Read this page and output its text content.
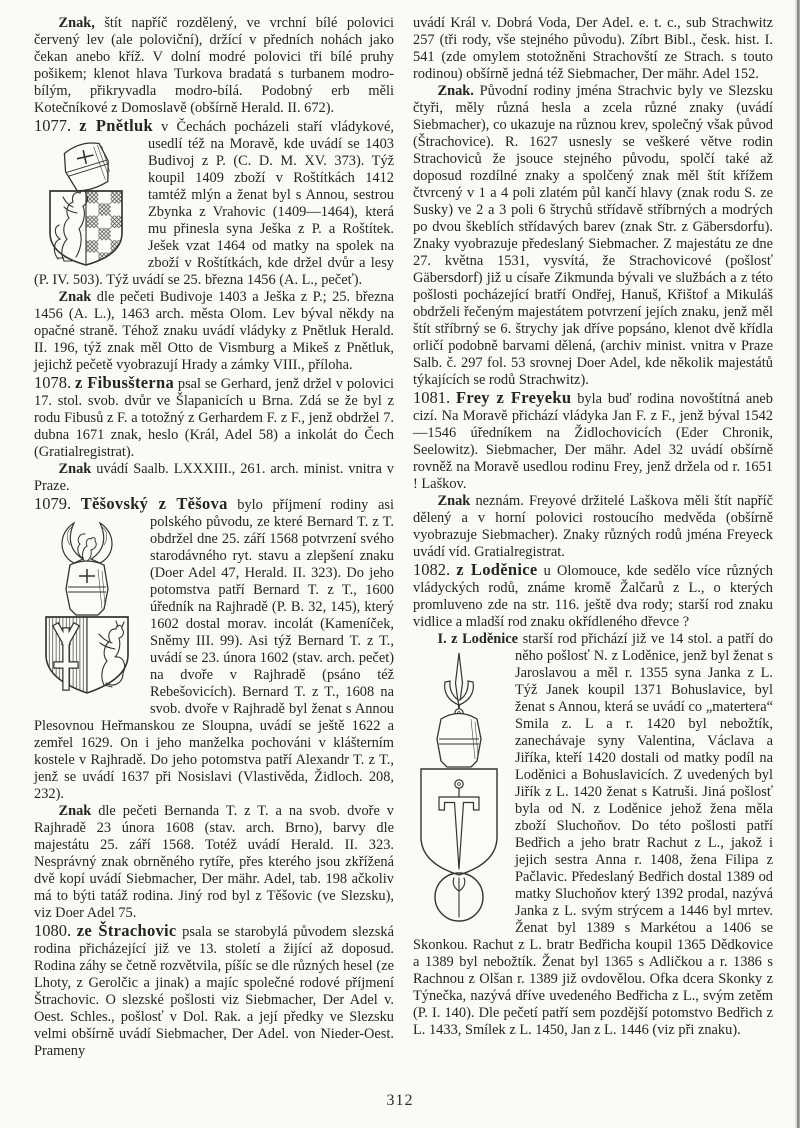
Znak, štít napříč rozdělený, ve vrchní bílé polovici červený lev (ale poloviční), držící v předních nohách jako čekan anebo kříž. V dolní modré polovici tři bílé pruhy pošikem; klenot hlava Turkova bradatá s turbanem modro-bílým, přikryvadla modro-bílá. Podobný erb měli Kotečníkové z Domoslavě (obšírně Herald. II. 672).

1077. z Pnětluk v Čechách pocházeli staří vládykové,
usedlí též na Moravě, kde uvádí se 1403 Budivoj z P. (C. D. M. XV. 373). Týž koupil 1409 zboží v Roštítkách 1412 tamtéž mlýn a ženat byl s Annou, sestrou Zbynka z Vrahovic (1409—1464), která mu přinesla syna Ješka z P. a Roštítek. Ješek vzat 1464 od matky na spolek na zboží v Roštítkách, kde držel dvůr a lesy (P. IV. 503). Týž uvádí se 25. března 1456 (A. L., pečeť).

Znak dle pečeti Budivoje 1403 a Ješka z P.; 25. března 1456 (A. L.), 1463 arch. města Olom. Lev býval někdy na opačné straně. Téhož znaku uvádí vládyky z Pnětluk Herald. II. 196, týž znak měl Otto de Vismburg a Mikeš z Pnětluk, jejichž pečetě vyobrazují Hrady a zámky VIII., příloha.

1078. z Fibusšterna psal se Gerhard, jenž držel v polovici 17. stol. svob. dvůr ve Šlapanicích u Brna. Zdá se že byl z rodu Fibusů z F. a totožný z Gerhardem F. z F., jenž obdržel 7. dubna 1671 znak, heslo (Král, Adel 58) a inkolát do Čech (Gratialregistrat).

Znak uvádí Saalb. LXXXIII., 261. arch. minist. vnitra v Praze.

1079. Těšovský z Těšova bylo příjmení rodiny asi polského původu, ze které Bernard T. z T. obdržel dne 25. září 1568 potvrzení svého starodávného ryt. stavu a zlepšení znaku (Doer Adel 47, Herald. II. 323). Do jeho potomstva patří Bernard T. z T., 1600 úředník na Rajhradě (P. B. 32, 145), který 1602 dostal morav. incolát (Kameníček, Sněmy III. 99). Asi týž Bernard T. z T., uvádí se 23. února 1602 (stav. arch. pečet) na dvoře v Rajhradě (psáno též Rebešovicích). Bernard T. z T., 1608 na svob. dvoře v Rajhradě byl ženat s Annou Plesovnou Heřmanskou ze Sloupna, uvádí se ještě 1622 a zemřel 1629. On i jeho manželka pochováni v klášterním kostele v Rajhradě. Do jeho potomstva patří Alexandr T. z T., jenž se uvádí 1637 při Nosislavi (Vlastivěda, Židloch. 208, 232).

Znak dle pečeti Bernanda T. z T. a na svob. dvoře v Rajhradě 23 února 1608 (stav. arch. Brno), barvy dle majestátu 25. září 1568. Totéž uvádí Herald. II. 323. Nesprávný znak obrněného rytíře, přes kterého jsou zkřížená dvě kopí uvádí Siebmacher, Der mähr. Adel, tab. 198 ačkoliv má to býti tatáž rodina. Jiný rod byl z Těšovic (ve Slezsku), viz Doer Adel 75.

1080. ze Štrachovic psala se starobylá původem slezská rodina přicházející již ve 13. století a žijící až doposud. Rodina záhy se četně rozvětvila, píšíc se dle různých hesel (ze Lhoty, z Gerolčic a jinak) a majíc společné rodové příjmení Štrachovic. O slezské pošlosti viz Siebmacher, Der Adel v. Oest. Schles., pošlosť v Dol. Rak. a její předky ve Slezsku velmi obšírně uvádí Siebmacher, Der Adel. von Nieder-Oest. Prameny

uvádí Král v. Dobrá Voda, Der Adel. e. t. c., sub Strachwitz 257 (tři rody, vše stejného původu). Zíbrt Bibl., česk. hist. I. 541 (zde omylem stotožněni Strachovští ze Strach. s touto rodinou) obšírně jedná též Siebmacher, Der mähr. Adel 152.

Znak. Původní rodiny jména Strachvic byly ve Slezsku čtyři, měly různá hesla a zcela různé znaky (uvádí Siebmacher), co ukazuje na různou krev, společný však původ (Štrachovice). R. 1627 usnesly se veškeré větve rodin Strachoviců že jsouce stejného původu, spolčí také až doposud rozdílné znaky a spolčený znak měl štít křížem čtvrcený v 1 a 4 poli zlatém půl kančí hlavy (znak rodu S. ze Susky) ve 2 a 3 poli 6 štrychů střídavě stříbrných a modrých po dvou škeblích střídavých barev (znak Str. z Gäbersdorfu). Znaky vyobrazuje předeslaný Siebmacher. Z majestátu ze dne 27. května 1531, vysvítá, že Strachovicové (pošlosť Gäbersdorf) již u císaře Zikmunda bývali ve službách a z této pošlosti pocházející bratří Ondřej, Hanuš, Křištof a Mikuláš obdrželi řečeným majestátem potvrzení jejích znaku, jenž měl štít stříbrný se 6. štrychy jak dříve popsáno, klenot dvě křídla orličí podobně barvami dělená, (archiv minist. vnitra v Praze Salb. č. 297 fol. 53 srovnej Doer Adel, kde několik majestátů týkajících se rodů Strachwitz).

1081. Frey z Freyeku byla buď rodina novoštítná aneb cizí. Na Moravě přichází vládyka Jan F. z F., jenž býval 1542—1546 úředníkem na Židlochovicích (Eder Chronik, Seelowitz). Siebmacher, Der mähr. Adel 32 uvádí obšírně rovněž na Moravě usedlou rodinu Frey, jenž držela od r. 1651 ! Laškov.

Znak neznám. Freyové držitelé Laškova měli štít napříč dělený a v horní polovici rostoucího medvěda (obšírně vyobrazuje Siebmacher). Znaky různých rodů jména Freyeck uvádí víd. Gratialregistrat.

1082. z Loděnice u Olomouce, kde sedělo více různých vládyckých rodů, známe kromě Žalčarů z L., o kterých promluveno zde na str. 116. ještě dva rody; starší rod znaku vidlice a mladší rod znaku okřídleného dřevce ?

I. z Loděnice starší rod přichází již ve 14 stol. a patří do něho pošlosť N. z Loděnice, jenž byl ženat s Jaroslavou a měl r. 1355 syna Janka z L. Týž Janek koupil 1371 Bohuslavice, byl ženat s Annou, která se uvádí co „matertera“ Smila z. L a r. 1420 byl nebožtík, zanechávaje syny Valentina, Václava a Jiříka, kteří 1420 dostali od matky podíl na Loděnici a Bohuslavicích. Z uvedených byl Jiřík z L. 1420 ženat s Katruši. Jiná pošlosť byla od N. z Loděnice jehož žena měla zboží Sluchoňov. Do této pošlosti patří Bedřich a jeho bratr Rachut z L., jakož i jejich sestra Anna r. 1408, žena Filipa z Pačlavic. Předeslaný Bedřich dostal 1389 od matky Sluchoňov který 1392 prodal, nazývá Janka z L. svým strýcem a 1446 byl mrtev. Ženat byl 1389 s Markétou a 1406 se Skonkou. Rachut z L. bratr Bedřicha koupil 1365 Dědkovice a 1389 byl nebožtík. Ženat byl 1365 s Adličkou a r. 1386 s Rachnou z Olšan r. 1389 již ovdovělou. Ofka dcera Skonky z Týnečka, nazývá dříve uvedeného Bedřicha z L., svým zetěm (P. I. 140). Dle pečetí patří sem pozdější potomstvo Bedřich z L. 1433, Smílek z L. 1450, Jan z L. 1446 (viz při znaku).

312
